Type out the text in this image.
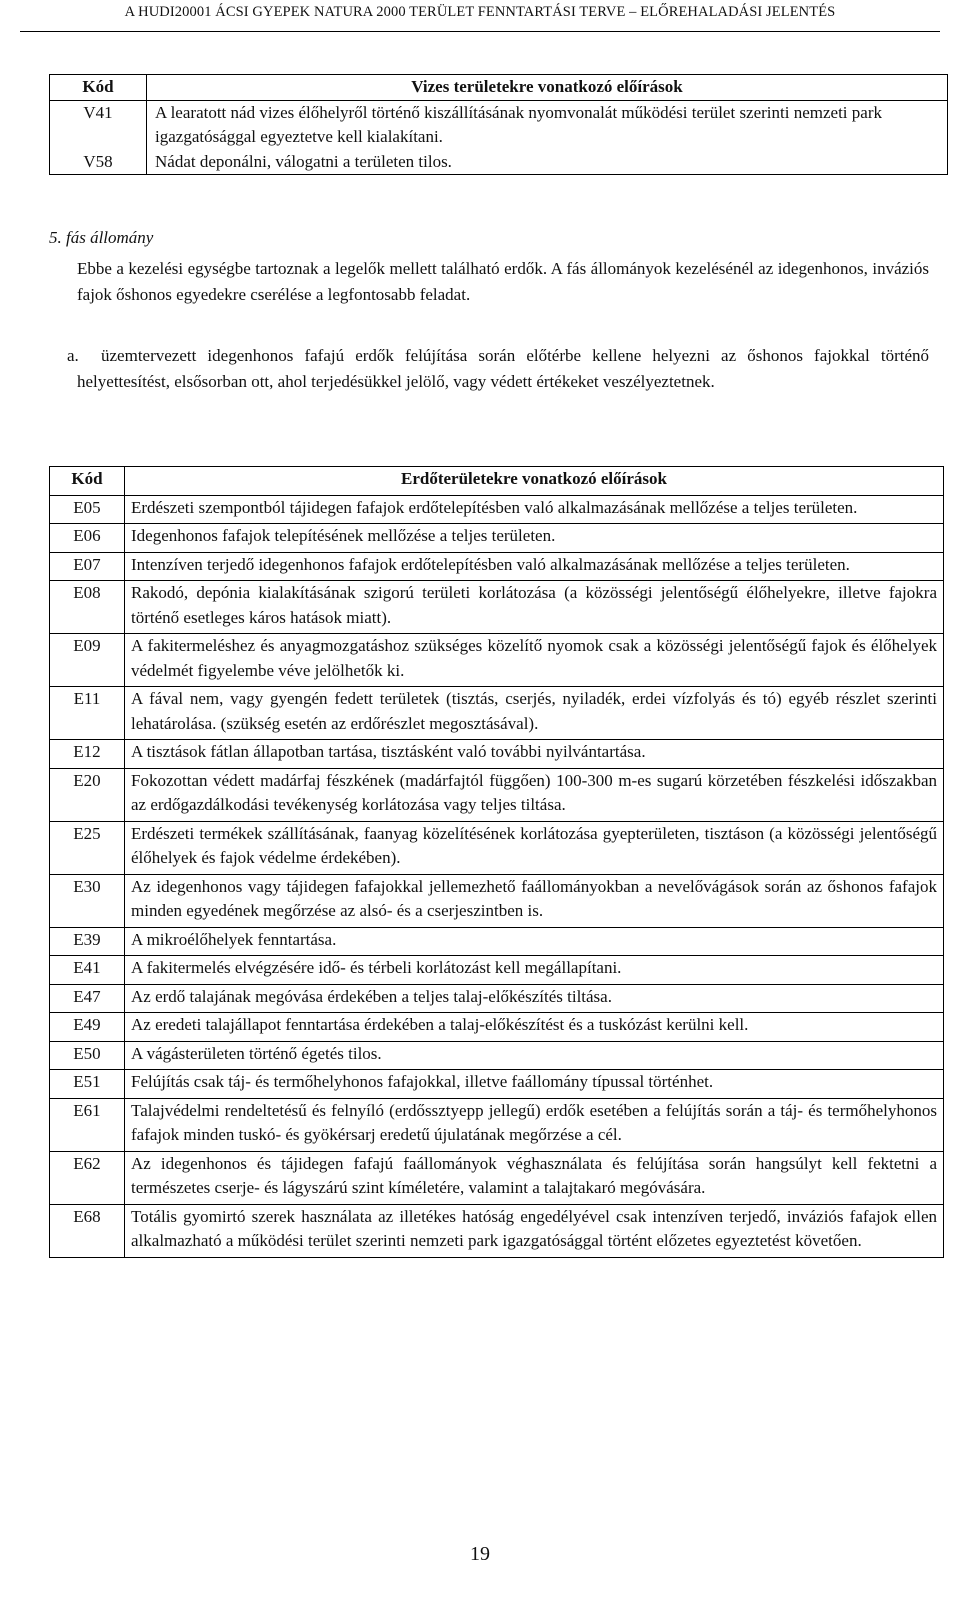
A HUDI20001 ÁCSI GYEPEK NATURA 2000 TERÜLET FENNTARTÁSI TERVE – ELŐREHALADÁSI JELENTÉS
Kód	Vizes területekre vonatkozó előírások
V41	A learatott nád vizes élőhelyről történő kiszállításának nyomvonalát működési terület szerinti nemzeti park igazgatósággal egyeztetve kell kialakítani.
V58	Nádat deponálni, válogatni a területen tilos.
5. fás állomány
Ebbe a kezelési egységbe tartoznak a legelők mellett található erdők. A fás állományok kezelésénél az idegenhonos, inváziós fajok őshonos egyedekre cserélése a legfontosabb feladat.
a. üzemtervezett idegenhonos fafajú erdők felújítása során előtérbe kellene helyezni az őshonos fajokkal történő helyettesítést, elsősorban ott, ahol terjedésükkel jelölő, vagy védett értékeket veszélyeztetnek.
Kód	Erdőterületekre vonatkozó előírások
E05	Erdészeti szempontból tájidegen fafajok erdőtelepítésben való alkalmazásának mellőzése a teljes területen.
E06	Idegenhonos fafajok telepítésének mellőzése a teljes területen.
E07	Intenzíven terjedő idegenhonos fafajok erdőtelepítésben való alkalmazásának mellőzése a teljes területen.
E08	Rakodó, depónia kialakításának szigorú területi korlátozása (a közösségi jelentőségű élőhelyekre, illetve fajokra történő esetleges káros hatások miatt).
E09	A fakitermeléshez és anyagmozgatáshoz szükséges közelítő nyomok csak a közösségi jelentőségű fajok és élőhelyek védelmét figyelembe véve jelölhetők ki.
E11	A fával nem, vagy gyengén fedett területek (tisztás, cserjés, nyiladék, erdei vízfolyás és tó) egyéb részlet szerinti lehatárolása. (szükség esetén az erdőrészlet megosztásával).
E12	A tisztások fátlan állapotban tartása, tisztásként való további nyilvántartása.
E20	Fokozottan védett madárfaj fészkének (madárfajtól függően) 100-300 m-es sugarú körzetében fészkelési időszakban az erdőgazdálkodási tevékenység korlátozása vagy teljes tiltása.
E25	Erdészeti termékek szállításának, faanyag közelítésének korlátozása gyepterületen, tisztáson (a közösségi jelentőségű élőhelyek és fajok védelme érdekében).
E30	Az idegenhonos vagy tájidegen fafajokkal jellemezhető faállományokban a nevelővágások során az őshonos fafajok minden egyedének megőrzése az alsó- és a cserjeszintben is.
E39	A mikroélőhelyek fenntartása.
E41	A fakitermelés elvégzésére idő- és térbeli korlátozást kell megállapítani.
E47	Az erdő talajának megóvása érdekében a teljes talaj-előkészítés tiltása.
E49	Az eredeti talajállapot fenntartása érdekében a talaj-előkészítést és a tuskózást kerülni kell.
E50	A vágásterületen történő égetés tilos.
E51	Felújítás csak táj- és termőhelyhonos fafajokkal, illetve faállomány típussal történhet.
E61	Talajvédelmi rendeltetésű és felnyíló (erdőssztyepp jellegű) erdők esetében a felújítás során a táj- és termőhelyhonos fafajok minden tuskó- és gyökérsarj eredetű újulatának megőrzése a cél.
E62	Az idegenhonos és tájidegen fafajú faállományok véghasználata és felújítása során hangsúlyt kell fektetni a természetes cserje- és lágyszárú szint kíméletére, valamint a talajtakaró megóvására.
E68	Totális gyomirtó szerek használata az illetékes hatóság engedélyével csak intenzíven terjedő, inváziós fafajok ellen alkalmazható a működési terület szerinti nemzeti park igazgatósággal történt előzetes egyeztetést követően.
19
